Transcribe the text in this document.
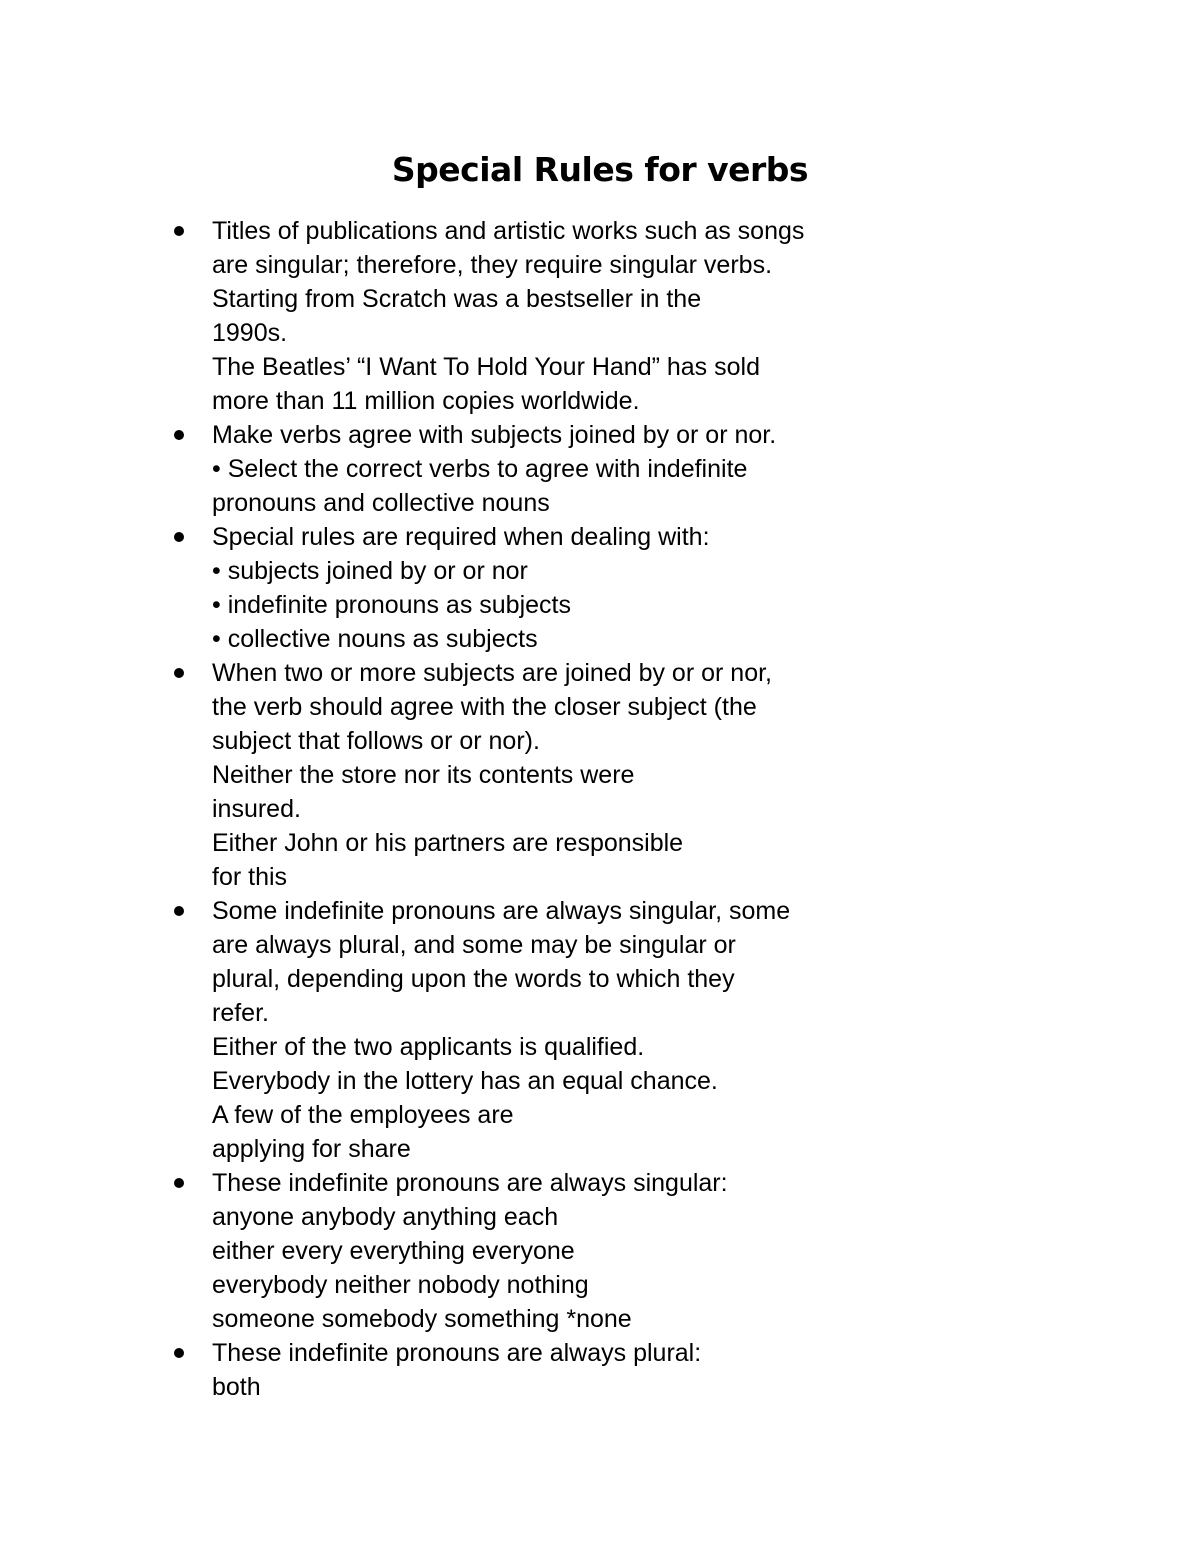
Special Rules for verbs
Titles of publications and artistic works such as songs
are singular; therefore, they require singular verbs.
Starting from Scratch was a bestseller in the
1990s.
The Beatles’ “I Want To Hold Your Hand” has sold
more than 11 million copies worldwide.
Make verbs agree with subjects joined by or or nor.
• Select the correct verbs to agree with indefinite
pronouns and collective nouns
Special rules are required when dealing with:
• subjects joined by or or nor
• indefinite pronouns as subjects
• collective nouns as subjects
When two or more subjects are joined by or or nor,
the verb should agree with the closer subject (the
subject that follows or or nor).
Neither the store nor its contents were
insured.
Either John or his partners are responsible
for this
Some indefinite pronouns are always singular, some
are always plural, and some may be singular or
plural, depending upon the words to which they
refer.
Either of the two applicants is qualified.
Everybody in the lottery has an equal chance.
A few of the employees are
applying for share
These indefinite pronouns are always singular:
anyone anybody anything each
either every everything everyone
everybody neither nobody nothing
someone somebody something *none
These indefinite pronouns are always plural:
both
